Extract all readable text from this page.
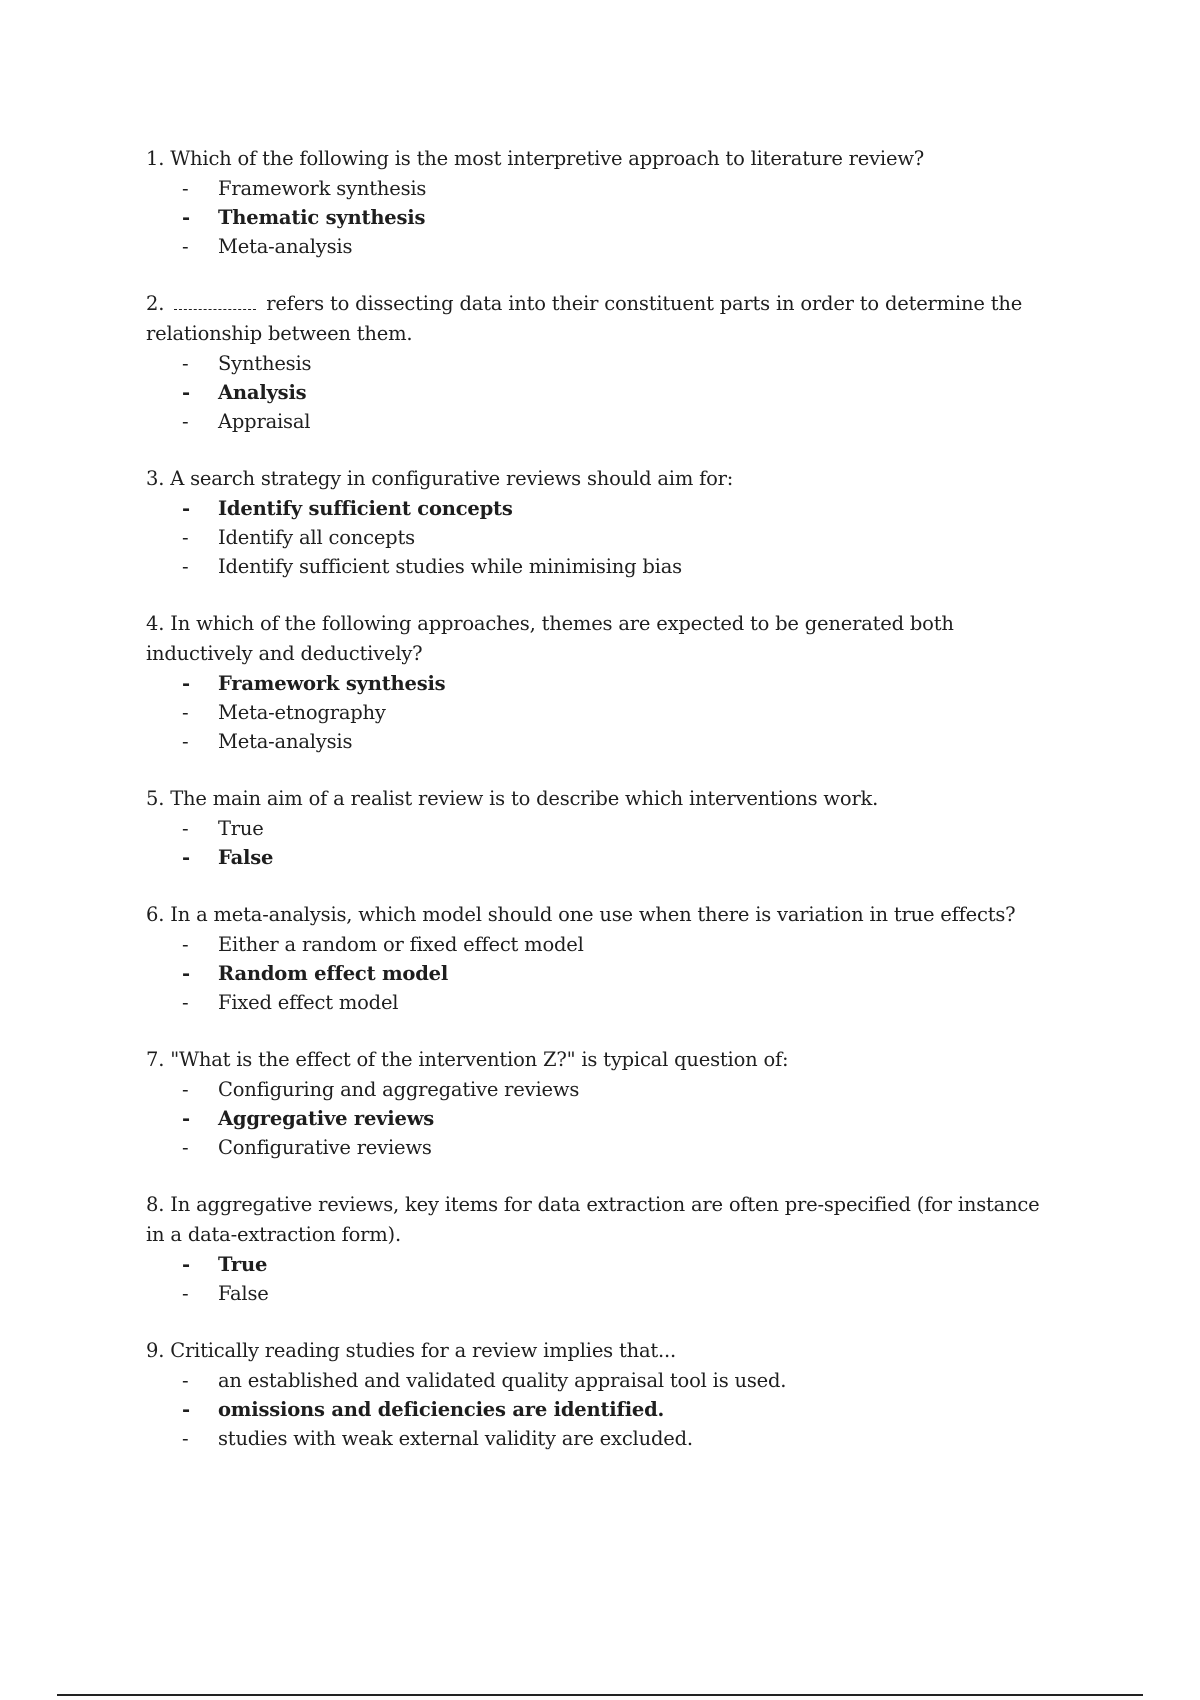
1. Which of the following is the most interpretive approach to literature review?

- Framework synthesis
- Thematic synthesis
- Meta-analysis

2.	refers to dissecting data into their constituent parts in order to determine the relationship between them.

- Synthesis
- Analysis
- Appraisal

3. A search strategy in configurative reviews should aim for:

- Identify sufficient concepts
- Identify all concepts
- Identify sufficient studies while minimising bias

4. In which of the following approaches, themes are expected to be generated both inductively and deductively?

- Framework synthesis
- Meta-etnography
- Meta-analysis

5. The main aim of a realist review is to describe which interventions work.

- True
- False

6. In a meta-analysis, which model should one use when there is variation in true effects?

- Either a random or fixed effect model
- Random effect model
- Fixed effect model

7. "What is the effect of the intervention Z?" is typical question of:

- Configuring and aggregative reviews
- Aggregative reviews
- Configurative reviews

8. In aggregative reviews, key items for data extraction are often pre-specified (for instance in a data-extraction form).

- True
- False

9. Critically reading studies for a review implies that...

- an established and validated quality appraisal tool is used.
- omissions and deficiencies are identified.
- studies with weak external validity are excluded.
